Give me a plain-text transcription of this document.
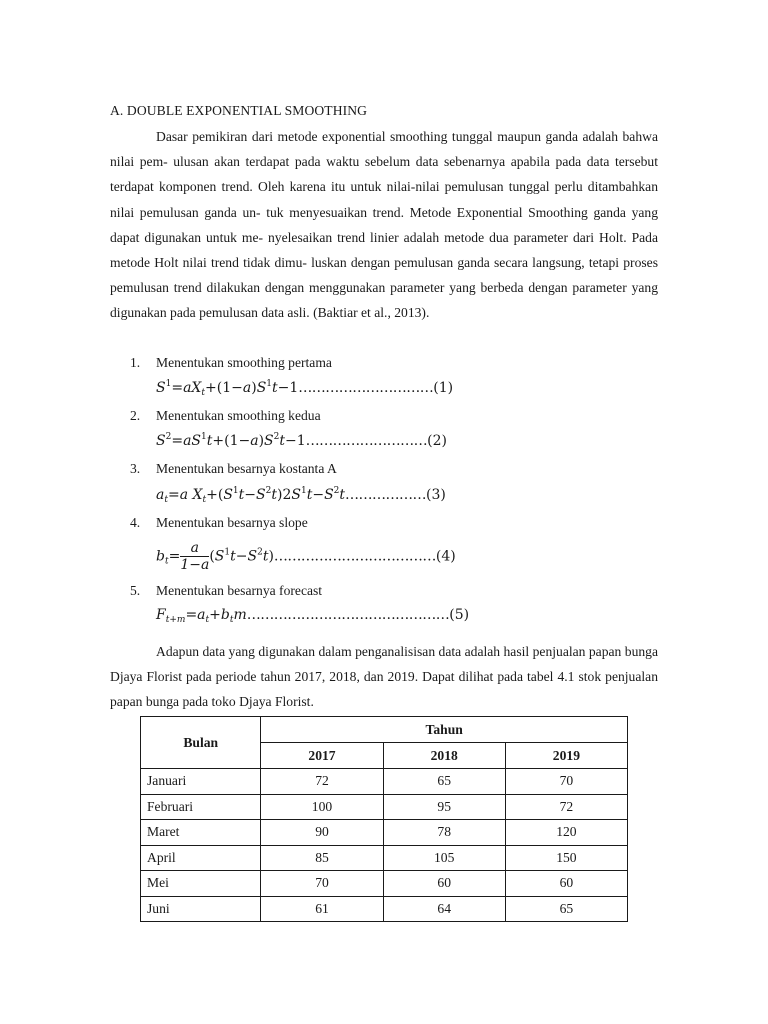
A. DOUBLE EXPONENTIAL SMOOTHING

Dasar pemikiran dari metode exponential smoothing tunggal maupun ganda adalah bahwa nilai pem- ulusan akan terdapat pada waktu sebelum data sebenarnya apabila pada data tersebut terdapat komponen trend. Oleh karena itu untuk nilai-nilai pemulusan tunggal perlu ditambahkan nilai pemulusan ganda un- tuk menyesuaikan trend. Metode Exponential Smoothing ganda yang dapat digunakan untuk me- nyelesaikan trend linier adalah metode dua parameter dari Holt. Pada metode Holt nilai trend tidak dimu- luskan dengan pemulusan ganda secara langsung, tetapi proses pemulusan trend dilakukan dengan menggunakan parameter yang berbeda dengan parameter yang digunakan pada pemulusan data asli. (Baktiar et al., 2013).

1. Menentukan smoothing pertama
$S^1=aX_t+(1-a)S^1t-1\dots\dots\dots\dots\dots\dots\dots\dots\dots\dots(1)$
2. Menentukan smoothing kedua
$S^2=aS^1t+(1-a)S^2t-1\dots\dots\dots\dots\dots\dots\dots\dots\dots(2)$
3. Menentukan besarnya kostanta A
$a_t=a$ $X_t+(S^1t-S^2t)2S^1t-S^2t\dots\dots\dots\dots\dots\dots(3)$
4. Menentukan besarnya slope
$b_t= \frac{a}{1-a}$ $(S^1t-S^2t)\dots\dots\dots\dots\dots\dots\dots\dots\dots\dots\dots\dots(4)$
5. Menentukan besarnya forecast
$F_{t+m}=a_t+b_tm\dots\dots\dots\dots\dots\dots\dots\dots\dots\dots\dots\dots\dots\dots\dots(5)$

Adapun data yang digunakan dalam penganalisisan data adalah hasil penjualan papan bunga Djaya Florist pada periode tahun 2017, 2018, dan 2019. Dapat dilihat pada tabel 4.1 stok penjualan papan bunga pada toko Djaya Florist.

Bulan	Tahun		
	2017	2018	2019
Januari	72	65	70
Februari	100	95	72
Maret	90	78	120
April	85	105	150
Mei	70	60	60
Juni	61	64	65
